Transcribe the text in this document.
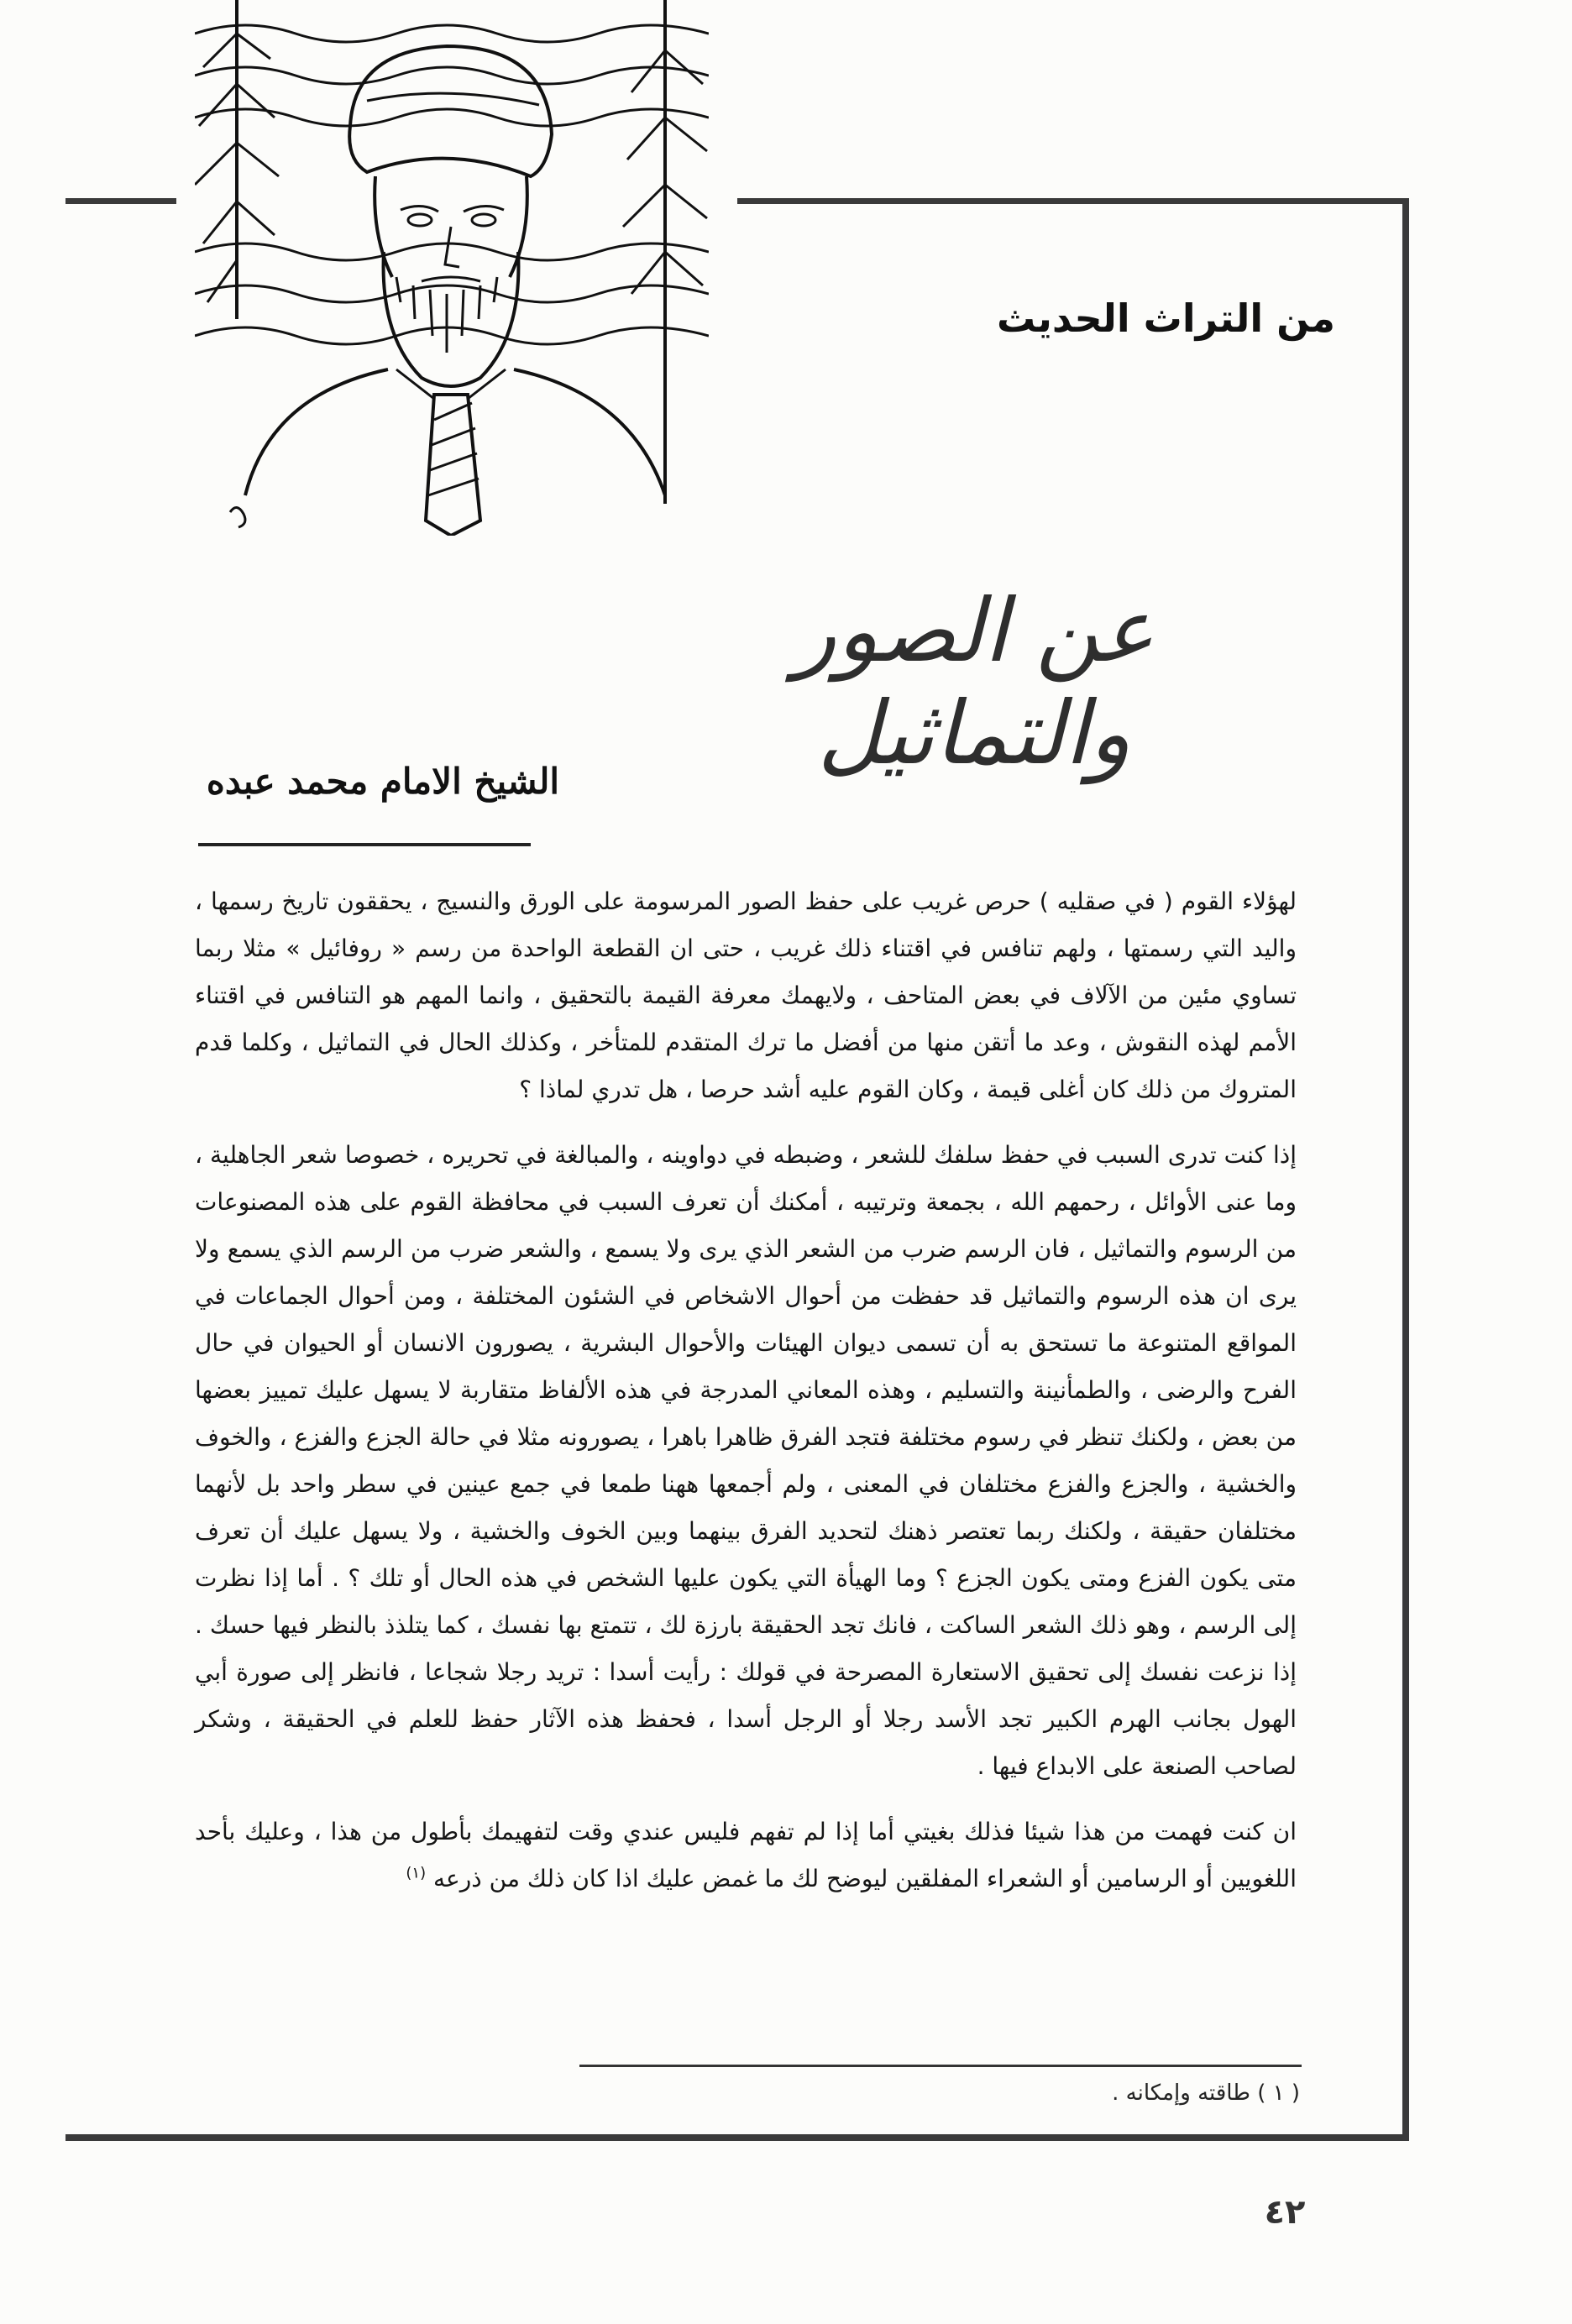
من التراث الحديث
عن الصور والتماثيل
الشيخ الامام محمد عبده

لهؤلاء القوم ( في صقليه ) حرص غريب على حفظ الصور المرسومة على الورق والنسيج ، يحققون تاريخ رسمها ، واليد التي رسمتها ، ولهم تنافس في اقتناء ذلك غريب ، حتى ان القطعة الواحدة من رسم « روفائيل » مثلا ربما تساوي مئين من الآلاف في بعض المتاحف ، ولايهمك معرفة القيمة بالتحقيق ، وانما المهم هو التنافس في اقتناء الأمم لهذه النقوش ، وعد ما أتقن منها من أفضل ما ترك المتقدم للمتأخر ، وكذلك الحال في التماثيل ، وكلما قدم المتروك من ذلك كان أغلى قيمة ، وكان القوم عليه أشد حرصا ، هل تدري لماذا ؟

إذا كنت تدرى السبب في حفظ سلفك للشعر ، وضبطه في دواوينه ، والمبالغة في تحريره ، خصوصا شعر الجاهلية ، وما عنى الأوائل ، رحمهم الله ، بجمعة وترتيبه ، أمكنك أن تعرف السبب في محافظة القوم على هذه المصنوعات من الرسوم والتماثيل ، فان الرسم ضرب من الشعر الذي يرى ولا يسمع ، والشعر ضرب من الرسم الذي يسمع ولا يرى ان هذه الرسوم والتماثيل قد حفظت من أحوال الاشخاص في الشئون المختلفة ، ومن أحوال الجماعات في المواقع المتنوعة ما تستحق به أن تسمى ديوان الهيئات والأحوال البشرية ، يصورون الانسان أو الحيوان في حال الفرح والرضى ، والطمأنينة والتسليم ، وهذه المعاني المدرجة في هذه الألفاظ متقاربة لا يسهل عليك تمييز بعضها من بعض ، ولكنك تنظر في رسوم مختلفة فتجد الفرق ظاهرا باهرا ، يصورونه مثلا في حالة الجزع والفزع ، والخوف والخشية ، والجزع والفزع مختلفان في المعنى ، ولم أجمعها ههنا طمعا في جمع عينين في سطر واحد بل لأنهما مختلفان حقيقة ، ولكنك ربما تعتصر ذهنك لتحديد الفرق بينهما وبين الخوف والخشية ، ولا يسهل عليك أن تعرف متى يكون الفزع ومتى يكون الجزع ؟ وما الهيأة التي يكون عليها الشخص في هذه الحال أو تلك ؟ . أما إذا نظرت إلى الرسم ، وهو ذلك الشعر الساكت ، فانك تجد الحقيقة بارزة لك ، تتمتع بها نفسك ، كما يتلذذ بالنظر فيها حسك . إذا نزعت نفسك إلى تحقيق الاستعارة المصرحة في قولك : رأيت أسدا : تريد رجلا شجاعا ، فانظر إلى صورة أبي الهول بجانب الهرم الكبير تجد الأسد رجلا أو الرجل أسدا ، فحفظ هذه الآثار حفظ للعلم في الحقيقة ، وشكر لصاحب الصنعة على الابداع فيها .

ان كنت فهمت من هذا شيئا فذلك بغيتي أما إذا لم تفهم فليس عندي وقت لتفهيمك بأطول من هذا ، وعليك بأحد اللغويين أو الرسامين أو الشعراء المفلقين ليوضح لك ما غمض عليك اذا كان ذلك من ذرعه $^{(١)}$

( ١ ) طاقته وإمكانه .
٤٢
